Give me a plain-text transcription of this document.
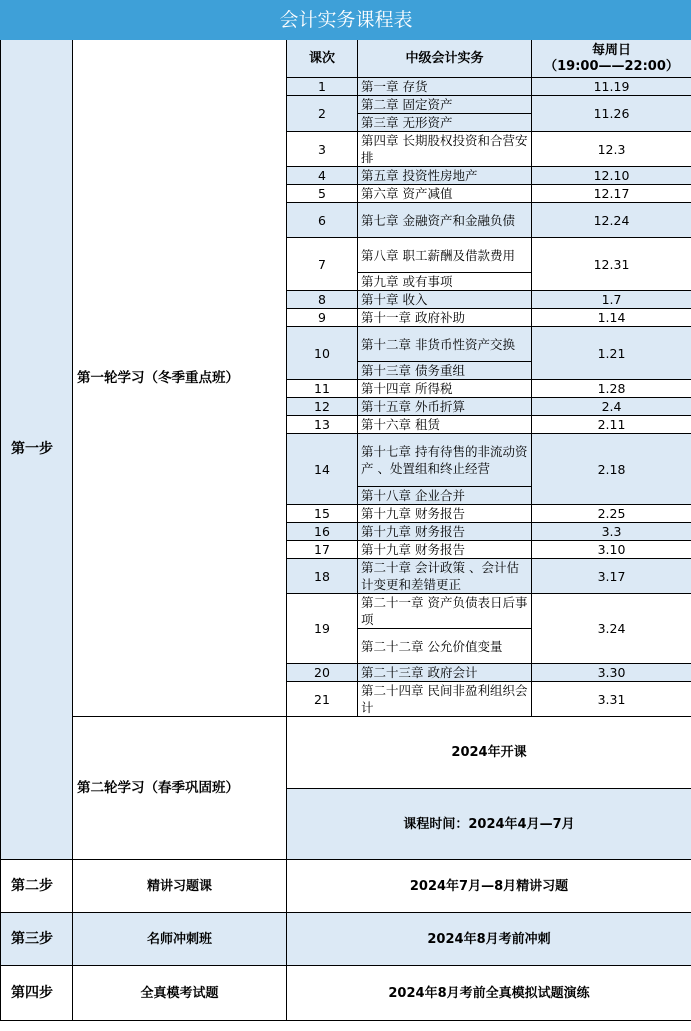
会计实务课程表				
第一步	第一轮学习（冬季重点班）	课次	中级会计实务	每周日
（19:00——22:00）

		1	第一章 存货	11.19
		2	第二章 固定资产	11.26
			第三章 无形资产	
		3	第四章 长期股权投资和合营安排	12.3
		4	第五章 投资性房地产	12.10
		5	第六章 资产减值	12.17
		6	第七章 金融资产和金融负债	12.24
		7	第八章 职工薪酬及借款费用	12.31
			第九章 或有事项	
		8	第十章 收入	1.7
		9	第十一章 政府补助	1.14
		10	第十二章 非货币性资产交换	1.21
			第十三章 债务重组	
		11	第十四章 所得税	1.28
		12	第十五章 外币折算	2.4
		13	第十六章 租赁	2.11
		14	第十七章 持有待售的非流动资产 、处置组和终止经营	2.18
			第十八章 企业合并	
		15	第十九章 财务报告	2.25
		16	第十九章 财务报告	3.3
		17	第十九章 财务报告	3.10
		18	第二十章 会计政策 、会计估计变更和差错更正	3.17
		19	第二十一章 资产负债表日后事项	3.24
			第二十二章 公允价值变量	
		20	第二十三章 政府会计	3.30
		21	第二十四章 民间非盈利组织会计	3.31
	第二轮学习（春季巩固班）	2024年开课		
		课程时间：2024年4月—7月		
第二步	精讲习题课	2024年7月—8月精讲习题		
第三步	名师冲刺班	2024年8月考前冲刺		
第四步	全真模考试题	2024年8月考前全真模拟试题演练		
